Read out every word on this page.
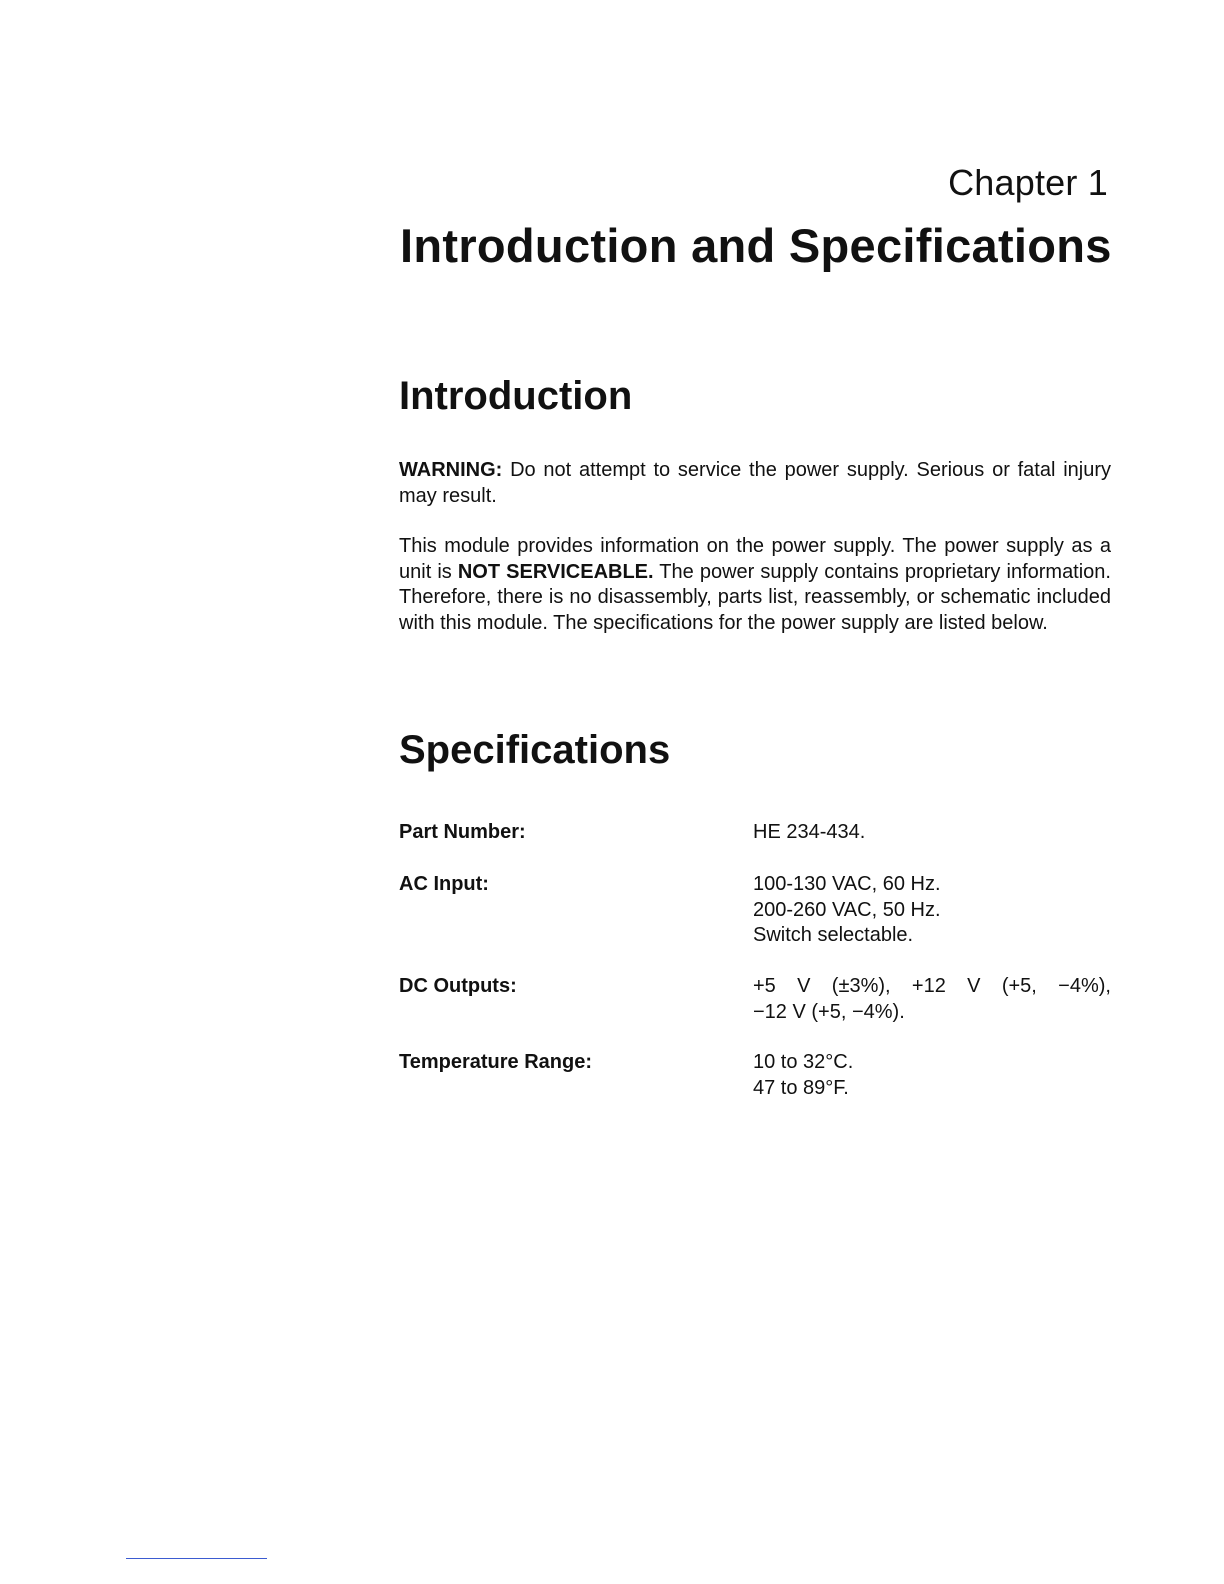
Chapter 1
Introduction and Specifications
Introduction

WARNING: Do not attempt to service the power supply. Serious or fatal injury may result.

This module provides information on the power supply. The power supply as a unit is NOT SERVICEABLE. The power supply contains proprietary information. Therefore, there is no disassembly, parts list, reassembly, or schematic included with this module. The specifications for the power supply are listed below.

Specifications
Part Number:	HE 234-434.
AC Input:	100-130 VAC, 60 Hz.
200-260 VAC, 50 Hz.
Switch selectable.
DC Outputs:	+5 V (±3%), +12 V (+5, −4%),
−12 V (+5, −4%).
Temperature Range:	10 to 32°C.
47 to 89°F.
